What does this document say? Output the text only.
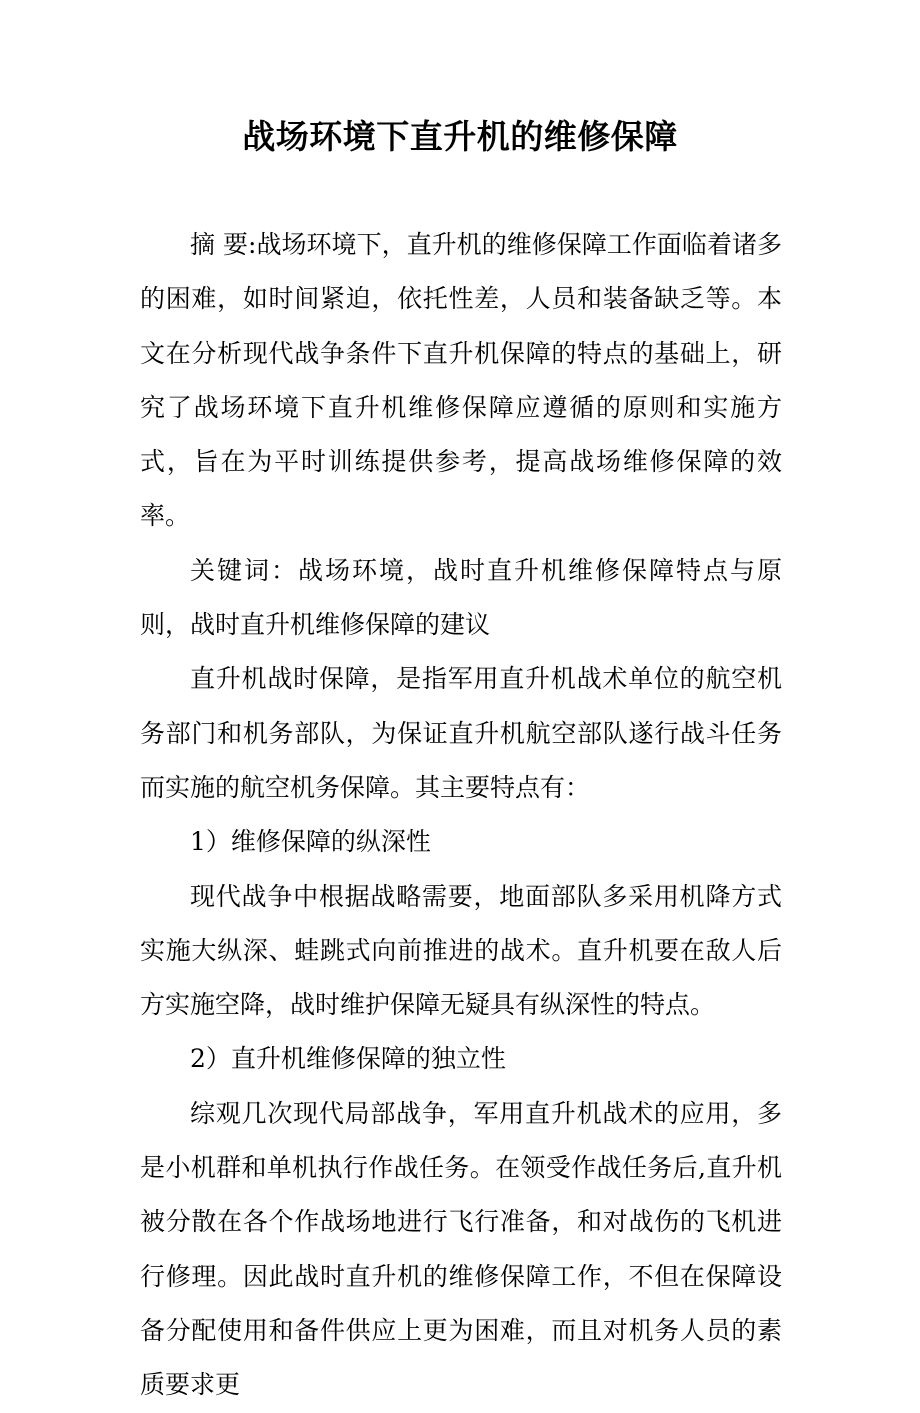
战场环境下直升机的维修保障

摘 要:战场环境下，直升机的维修保障工作面临着诸多的困难，如时间紧迫，依托性差，人员和装备缺乏等。本文在分析现代战争条件下直升机保障的特点的基础上，研究了战场环境下直升机维修保障应遵循的原则和实施方式，旨在为平时训练提供参考，提高战场维修保障的效率。

关键词：战场环境，战时直升机维修保障特点与原则，战时直升机维修保障的建议

直升机战时保障，是指军用直升机战术单位的航空机务部门和机务部队，为保证直升机航空部队遂行战斗任务而实施的航空机务保障。其主要特点有：

1）维修保障的纵深性

现代战争中根据战略需要，地面部队多采用机降方式实施大纵深、蛙跳式向前推进的战术。直升机要在敌人后方实施空降，战时维护保障无疑具有纵深性的特点。

2）直升机维修保障的独立性

综观几次现代局部战争，军用直升机战术的应用，多是小机群和单机执行作战任务。在领受作战任务后,直升机被分散在各个作战场地进行飞行准备，和对战伤的飞机进行修理。因此战时直升机的维修保障工作，不但在保障设备分配使用和备件供应上更为困难，而且对机务人员的素质要求更
